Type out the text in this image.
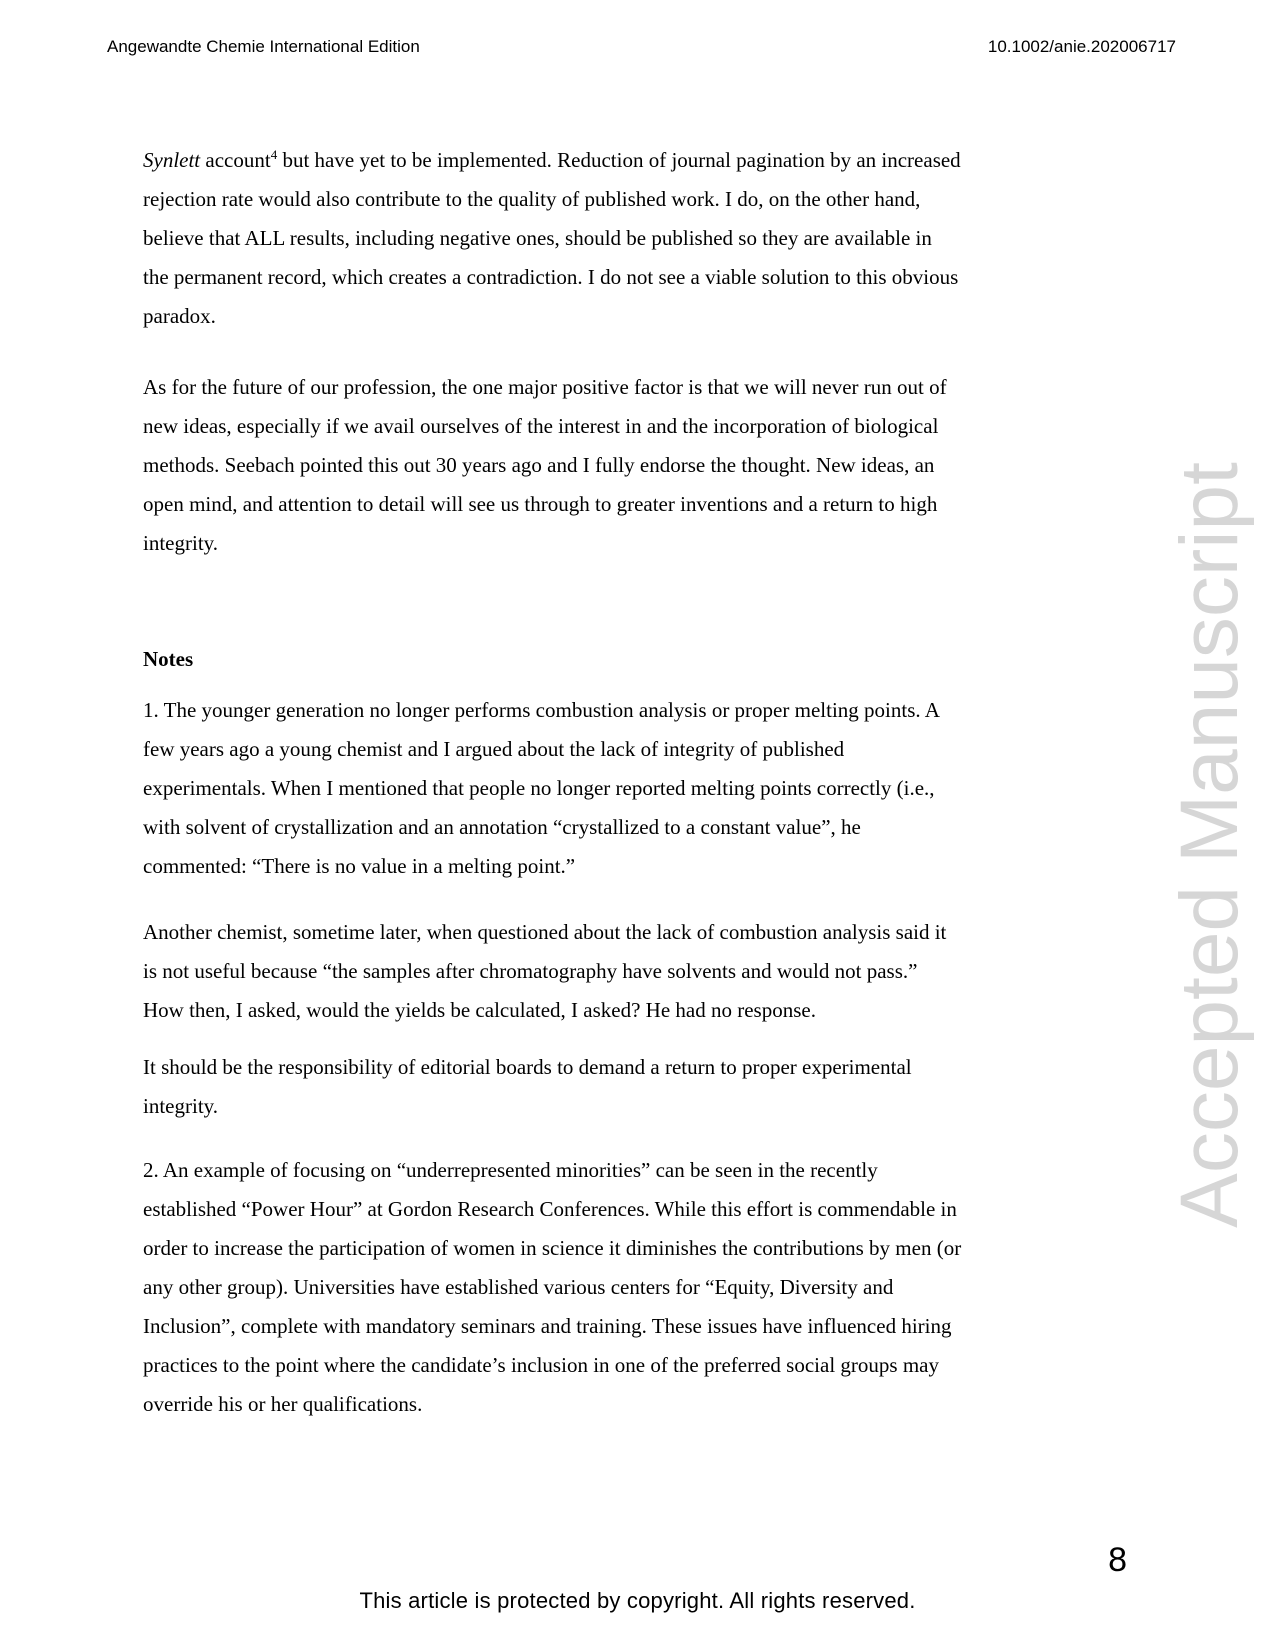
Angewandte Chemie International Edition	10.1002/anie.202006717
Synlett account$^4$ but have yet to be implemented. Reduction of journal pagination by an increased
rejection rate would also contribute to the quality of published work. I do, on the other hand,
believe that ALL results, including negative ones, should be published so they are available in
the permanent record, which creates a contradiction. I do not see a viable solution to this obvious
paradox.
As for the future of our profession, the one major positive factor is that we will never run out of
new ideas, especially if we avail ourselves of the interest in and the incorporation of biological
methods. Seebach pointed this out 30 years ago and I fully endorse the thought. New ideas, an
open mind, and attention to detail will see us through to greater inventions and a return to high
integrity.
Notes
1. The younger generation no longer performs combustion analysis or proper melting points. A
few years ago a young chemist and I argued about the lack of integrity of published
experimentals. When I mentioned that people no longer reported melting points correctly (i.e.,
with solvent of crystallization and an annotation “crystallized to a constant value”, he
commented: “There is no value in a melting point.”
Another chemist, sometime later, when questioned about the lack of combustion analysis said it
is not useful because “the samples after chromatography have solvents and would not pass.”
How then, I asked, would the yields be calculated, I asked? He had no response.
It should be the responsibility of editorial boards to demand a return to proper experimental
integrity.
2. An example of focusing on “underrepresented minorities” can be seen in the recently
established “Power Hour” at Gordon Research Conferences. While this effort is commendable in
order to increase the participation of women in science it diminishes the contributions by men (or
any other group). Universities have established various centers for “Equity, Diversity and
Inclusion”, complete with mandatory seminars and training. These issues have influenced hiring
practices to the point where the candidate’s inclusion in one of the preferred social groups may
override his or her qualifications.
Accepted Manuscript
8
This article is protected by copyright. All rights reserved.
